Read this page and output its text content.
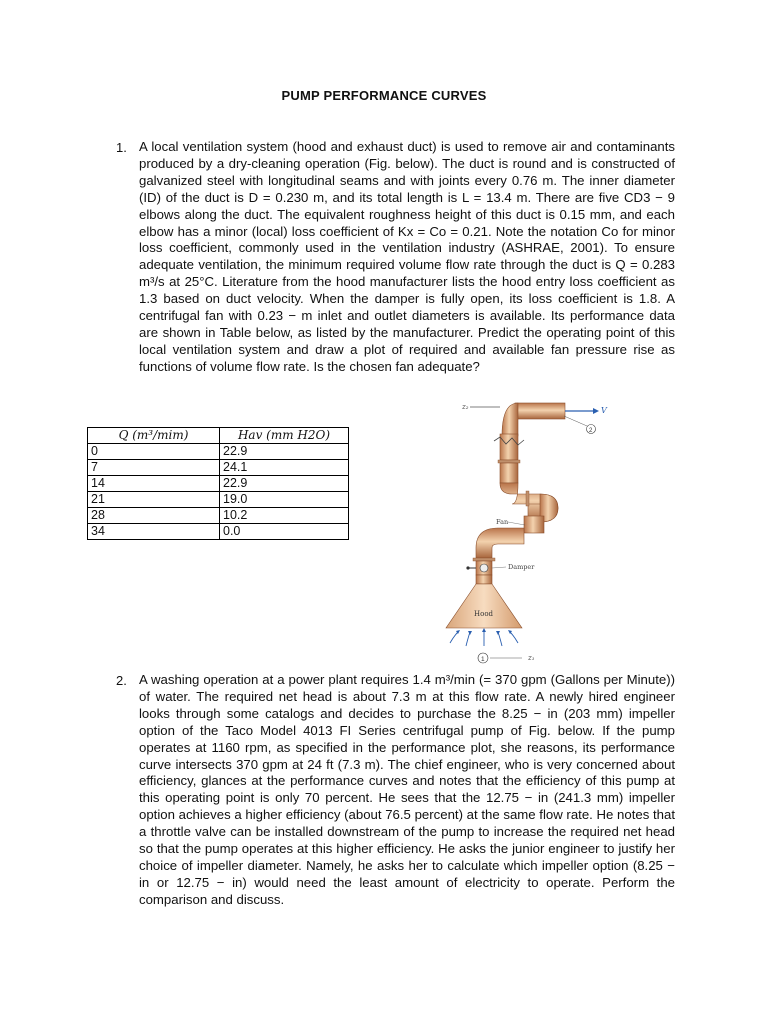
PUMP PERFORMANCE CURVES
1. A local ventilation system (hood and exhaust duct) is used to remove air and contaminants produced by a dry-cleaning operation (Fig. below). The duct is round and is constructed of galvanized steel with longitudinal seams and with joints every 0.76 m. The inner diameter (ID) of the duct is D = 0.230 m, and its total length is L = 13.4 m. There are five CD3 − 9 elbows along the duct. The equivalent roughness height of this duct is 0.15 mm, and each elbow has a minor (local) loss coefficient of Kx = Co = 0.21. Note the notation Co for minor loss coefficient, commonly used in the ventilation industry (ASHRAE, 2001). To ensure adequate ventilation, the minimum required volume flow rate through the duct is Q = 0.283 m³/s at 25°C. Literature from the hood manufacturer lists the hood entry loss coefficient as 1.3 based on duct velocity. When the damper is fully open, its loss coefficient is 1.8. A centrifugal fan with 0.23 − m inlet and outlet diameters is available. Its performance data are shown in Table below, as listed by the manufacturer. Predict the operating point of this local ventilation system and draw a plot of required and available fan pressure rise as functions of volume flow rate. Is the chosen fan adequate?
Q (m³/mim)	Hav (mm H2O)
0	22.9
7	24.1
14	22.9
21	19.0
28	10.2
34	0.0
z₂	V
2
Fan
Damper
Hood
1	z₁
2. A washing operation at a power plant requires 1.4 m³/min (= 370 gpm (Gallons per Minute)) of water. The required net head is about 7.3 m at this flow rate. A newly hired engineer looks through some catalogs and decides to purchase the 8.25 − in (203 mm) impeller option of the Taco Model 4013 FI Series centrifugal pump of Fig. below. If the pump operates at 1160 rpm, as specified in the performance plot, she reasons, its performance curve intersects 370 gpm at 24 ft (7.3 m). The chief engineer, who is very concerned about efficiency, glances at the performance curves and notes that the efficiency of this pump at this operating point is only 70 percent. He sees that the 12.75 − in (241.3 mm) impeller option achieves a higher efficiency (about 76.5 percent) at the same flow rate. He notes that a throttle valve can be installed downstream of the pump to increase the required net head so that the pump operates at this higher efficiency. He asks the junior engineer to justify her choice of impeller diameter. Namely, he asks her to calculate which impeller option (8.25 − in or 12.75 − in) would need the least amount of electricity to operate. Perform the comparison and discuss.
